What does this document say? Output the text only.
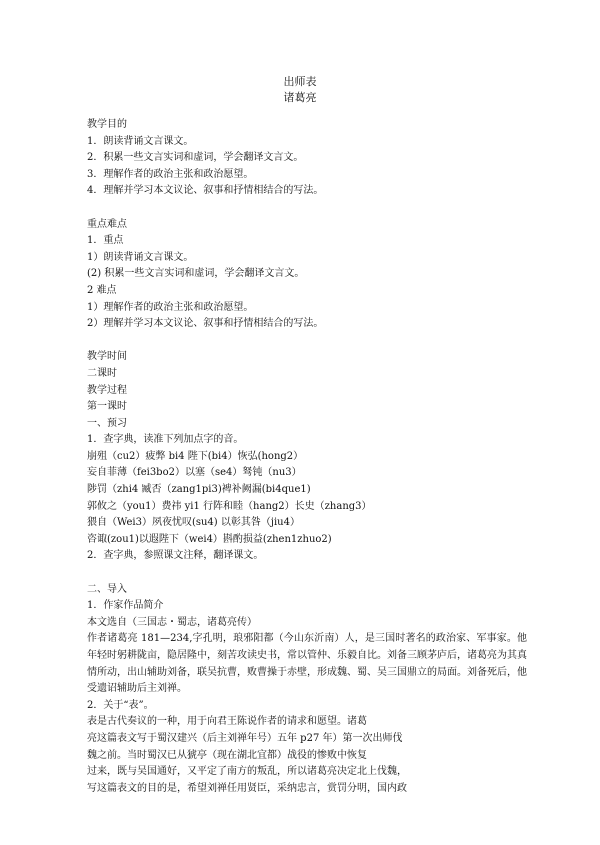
出师表
诸葛亮
教学目的
1．朗读背诵文言课文。
2．积累一些文言实词和虚词，学会翻译文言文。
3．理解作者的政治主张和政治愿望。
4．理解并学习本文议论、叙事和抒情相结合的写法。
重点难点
1．重点
1）朗读背诵文言课文。
(2) 积累一些文言实词和虚词，学会翻译文言文。
2 难点
1）理解作者的政治主张和政治愿望。
2）理解并学习本文议论、叙事和抒情相结合的写法。
教学时间
二课时
教学过程
第一课时
一、预习
1．查字典，读准下列加点字的音。
崩殂（cu2）疲弊 bi4 陛下(bi4）恢弘(hong2）
妄自菲薄（fei3bo2）以塞（se4）驽钝（nu3）
陟罚（zhi4 臧否（zang1pi3)裨补阙漏(bi4que1)
郭攸之（you1）费祎 yi1 行阵和睦（hang2）长史（zhang3）
猥自（Wei3）夙夜忧叹(su4) 以彰其咎（jiu4）
咨诹(zou1)以遐陛下（wei4）斟酌损益(zhen1zhuo2)
2．查字典，参照课文注释，翻译课文。
二、导入
1．作家作品简介
本文选自（三国志・蜀志，诸葛亮传）
作者诸葛亮 181—234,字孔明，琅邪阳都（今山东沂南）人，是三国时著名的政治家、军事家。他年轻时躬耕陇亩，隐居隆中，刻苦攻读史书，常以管仲、乐毅自比。刘备三顾茅庐后，诸葛亮为其真情所动，出山辅助刘备，联吴抗曹，败曹操于赤壁，形成魏、蜀、吴三国鼎立的局面。刘备死后，他受遗诏辅助后主刘禅。
2．关于“表”。
表是古代奏议的一种，用于向君王陈说作者的请求和愿望。诸葛
亮这篇表文写于蜀汉建兴（后主刘禅年号）五年 p27 年）第一次出师伐
魏之前。当时蜀汉已从猇亭（现在湖北宜都）战役的惨败中恢复
过来，既与吴国通好，又平定了南方的叛乱，所以诸葛亮决定北上伐魏，
写这篇表文的目的是，希望刘禅任用贤臣，采纳忠言，赏罚分明，国内政
